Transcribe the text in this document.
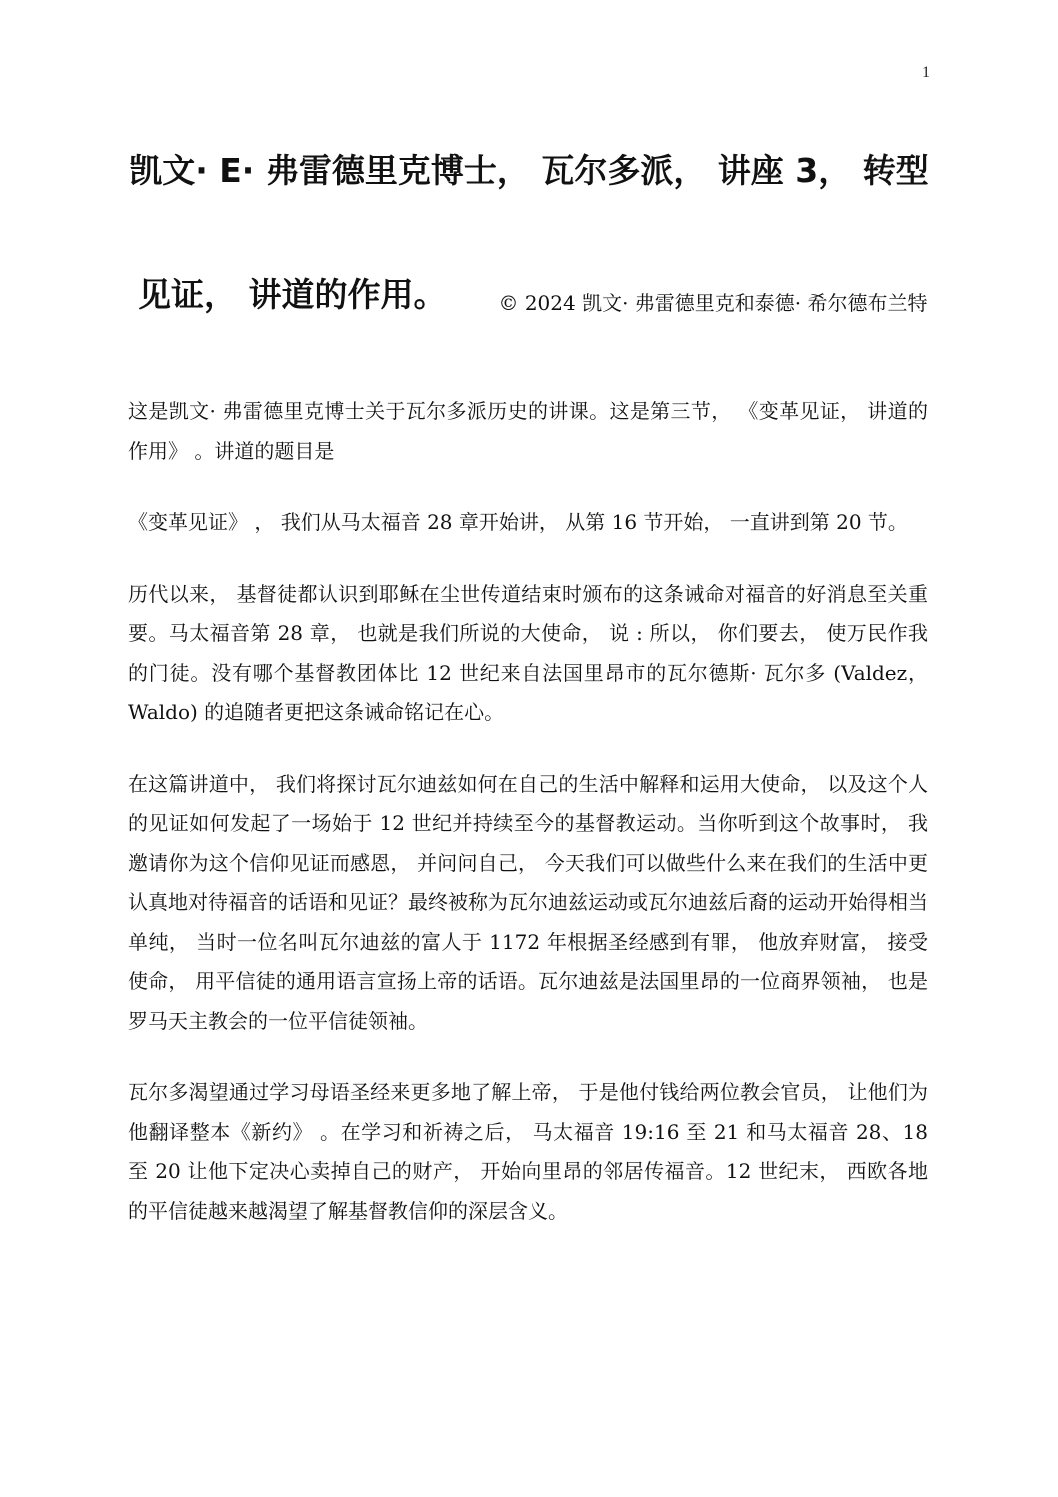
1
凯文· E· 弗雷德里克博士， 瓦尔多派， 讲座 3， 转型
见证， 讲道的作用。	© 2024 凯文· 弗雷德里克和泰德· 希尔德布兰特

这是凯文· 弗雷德里克博士关于瓦尔多派历史的讲课。这是第三节， 《变革见证， 讲道的作用》 。讲道的题目是

《变革见证》 ， 我们从马太福音 28 章开始讲， 从第 16 节开始， 一直讲到第 20 节。

历代以来， 基督徒都认识到耶稣在尘世传道结束时颁布的这条诫命对福音的好消息至关重要。马太福音第 28 章， 也就是我们所说的大使命， 说 : 所以， 你们要去， 使万民作我的门徒。没有哪个基督教团体比 12 世纪来自法国里昂市的瓦尔德斯· 瓦尔多 (Valdez， Waldo) 的追随者更把这条诫命铭记在心。

在这篇讲道中， 我们将探讨瓦尔迪兹如何在自己的生活中解释和运用大使命， 以及这个人的见证如何发起了一场始于 12 世纪并持续至今的基督教运动。当你听到这个故事时， 我邀请你为这个信仰见证而感恩， 并问问自己， 今天我们可以做些什么来在我们的生活中更认真地对待福音的话语和见证？最终被称为瓦尔迪兹运动或瓦尔迪兹后裔的运动开始得相当单纯， 当时一位名叫瓦尔迪兹的富人于 1172 年根据圣经感到有罪， 他放弃财富， 接受使命， 用平信徒的通用语言宣扬上帝的话语。瓦尔迪兹是法国里昂的一位商界领袖， 也是罗马天主教会的一位平信徒领袖。

瓦尔多渴望通过学习母语圣经来更多地了解上帝， 于是他付钱给两位教会官员， 让他们为他翻译整本《新约》 。在学习和祈祷之后， 马太福音 19:16 至 21 和马太福音 28、18 至 20 让他下定决心卖掉自己的财产， 开始向里昂的邻居传福音。12 世纪末， 西欧各地的平信徒越来越渴望了解基督教信仰的深层含义。
